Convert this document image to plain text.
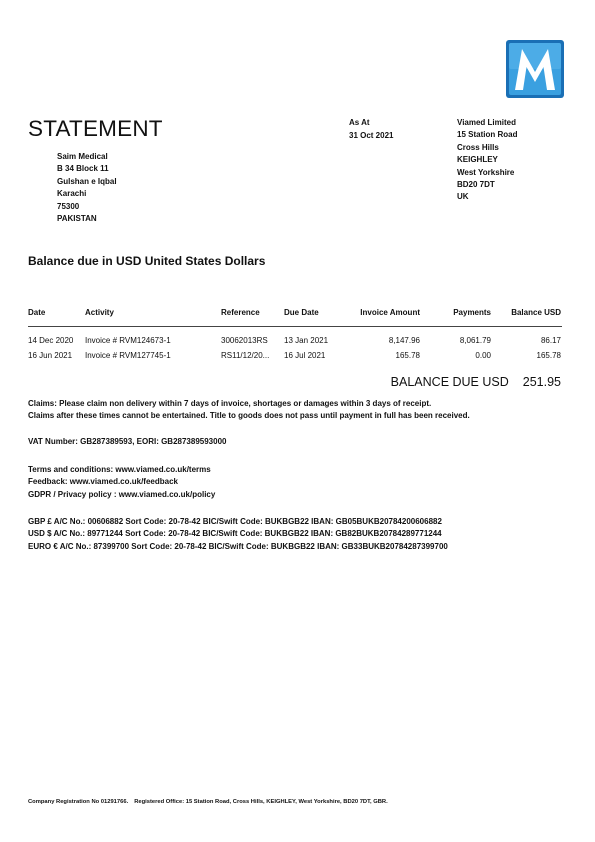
STATEMENT
Saim Medical
B 34 Block 11
Gulshan e Iqbal
Karachi
75300
PAKISTAN
As At
31 Oct 2021
Viamed Limited
15 Station Road
Cross Hills
KEIGHLEY
West Yorkshire
BD20 7DT
UK
Balance due in USD United States Dollars
Date	Activity	Reference	Due Date	Invoice Amount	Payments	Balance USD
14 Dec 2020	Invoice # RVM124673-1	30062013RS	13 Jan 2021	8,147.96	8,061.79	86.17
16 Jun 2021	Invoice # RVM127745-1	RS11/12/20...	16 Jul 2021	165.78	0.00	165.78
BALANCE DUE USD 251.95
Claims: Please claim non delivery within 7 days of invoice, shortages or damages within 3 days of receipt.
Claims after these times cannot be entertained. Title to goods does not pass until payment in full has been received.
VAT Number: GB287389593, EORI: GB287389593000
Terms and conditions: www.viamed.co.uk/terms
Feedback: www.viamed.co.uk/feedback
GDPR / Privacy policy : www.viamed.co.uk/policy
GBP £ A/C No.: 00606882 Sort Code: 20-78-42 BIC/Swift Code: BUKBGB22 IBAN: GB05BUKB20784200606882
USD $ A/C No.: 89771244 Sort Code: 20-78-42 BIC/Swift Code: BUKBGB22 IBAN: GB82BUKB20784289771244
EURO € A/C No.: 87399700 Sort Code: 20-78-42 BIC/Swift Code: BUKBGB22 IBAN: GB33BUKB20784287399700
Company Registration No 01291766. Registered Office: 15 Station Road, Cross Hills, KEIGHLEY, West Yorkshire, BD20 7DT, GBR.
